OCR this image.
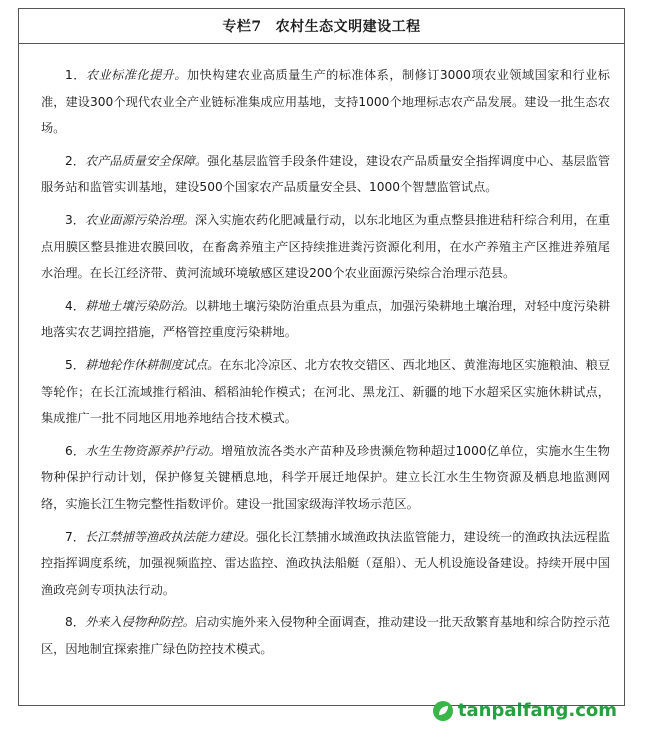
专栏7 农村生态文明建设工程

1．农业标准化提升。加快构建农业高质量生产的标准体系，制修订3000项农业领域国家和行业标准，建设300个现代农业全产业链标准集成应用基地，支持1000个地理标志农产品发展。建设一批生态农场。

2．农产品质量安全保障。强化基层监管手段条件建设，建设农产品质量安全指挥调度中心、基层监管服务站和监管实训基地，建设500个国家农产品质量安全县、1000个智慧监管试点。

3．农业面源污染治理。深入实施农药化肥减量行动，以东北地区为重点整县推进秸秆综合利用，在重点用膜区整县推进农膜回收，在畜禽养殖主产区持续推进粪污资源化利用，在水产养殖主产区推进养殖尾水治理。在长江经济带、黄河流域环境敏感区建设200个农业面源污染综合治理示范县。

4．耕地土壤污染防治。以耕地土壤污染防治重点县为重点，加强污染耕地土壤治理，对轻中度污染耕地落实农艺调控措施，严格管控重度污染耕地。

5．耕地轮作休耕制度试点。在东北冷凉区、北方农牧交错区、西北地区、黄淮海地区实施粮油、粮豆等轮作；在长江流域推行稻油、稻稻油轮作模式；在河北、黑龙江、新疆的地下水超采区实施休耕试点，集成推广一批不同地区用地养地结合技术模式。

6．水生生物资源养护行动。增殖放流各类水产苗种及珍贵濒危物种超过1000亿单位，实施水生生物物种保护行动计划，保护修复关键栖息地，科学开展迁地保护。建立长江水生生物资源及栖息地监测网络，实施长江生物完整性指数评价。建设一批国家级海洋牧场示范区。

7．长江禁捕等渔政执法能力建设。强化长江禁捕水域渔政执法监管能力，建设统一的渔政执法远程监控指挥调度系统，加强视频监控、雷达监控、渔政执法船艇（趸船）、无人机设施设备建设。持续开展中国渔政亮剑专项执法行动。

8．外来入侵物种防控。启动实施外来入侵物种全面调查，推动建设一批天敌繁育基地和综合防控示范区，因地制宜探索推广绿色防控技术模式。

tanpaifang.com
